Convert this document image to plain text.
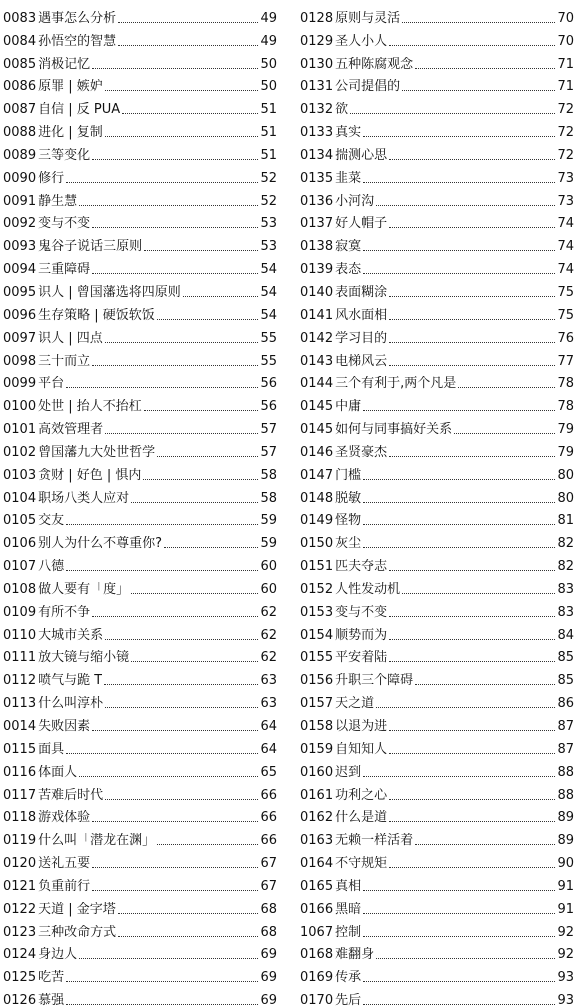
0083 遇事怎么分析	49
0084 孙悟空的智慧	49
0085 消极记忆	50
0086 原罪 | 嫉妒	50
0087 自信 | 反 PUA	51
0088 进化 | 复制	51
0089 三等变化	51
0090 修行	52
0091 静生慧	52
0092 变与不变	53
0093 鬼谷子说话三原则	53
0094 三重障碍	54
0095 识人 | 曾国藩选将四原则	54
0096 生存策略 | 硬饭软饭	54
0097 识人 | 四点	55
0098 三十而立	55
0099 平台	56
0100 处世 | 抬人不抬杠	56
0101 高效管理者	57
0102 曾国藩九大处世哲学	57
0103 贪财 | 好色 | 惧内	58
0104 职场八类人应对	58
0105 交友	59
0106 别人为什么不尊重你?	59
0107 八德	60
0108 做人要有「度」	60
0109 有所不争	62
0110 大城市关系	62
0111 放大镜与缩小镜	62
0112 喷气与跪 T	63
0113 什么叫淳朴	63
0014 失败因素	64
0115 面具	64
0116 体面人	65
0117 苦难后时代	66
0118 游戏体验	66
0119 什么叫「潜龙在渊」	66
0120 送礼五要	67
0121 负重前行	67
0122 天道 | 金字塔	68
0123 三种改命方式	68
0124 身边人	69
0125 吃苦	69
0126 慕强	69
0128 原则与灵活	70
0129 圣人小人	70
0130 五种陈腐观念	71
0131 公司提倡的	71
0132 欲	72
0133 真实	72
0134 揣测心思	72
0135 韭菜	73
0136 小河沟	73
0137 好人帽子	74
0138 寂寞	74
0139 表态	74
0140 表面糊涂	75
0141 风水面相	75
0142 学习目的	76
0143 电梯风云	77
0144 三个有利于,两个凡是	78
0145 中庸	78
0145 如何与同事搞好关系	79
0146 圣贤豪杰	79
0147 门槛	80
0148 脱敏	80
0149 怪物	81
0150 灰尘	82
0151 匹夫夺志	82
0152 人性发动机	83
0153 变与不变	83
0154 顺势而为	84
0155 平安着陆	85
0156 升职三个障碍	85
0157 天之道	86
0158 以退为进	87
0159 自知知人	87
0160 迟到	88
0161 功利之心	88
0162 什么是道	89
0163 无赖一样活着	89
0164 不守规矩	90
0165 真相	91
0166 黑暗	91
1067 控制	92
0168 难翻身	92
0169 传承	93
0170 先后	93
